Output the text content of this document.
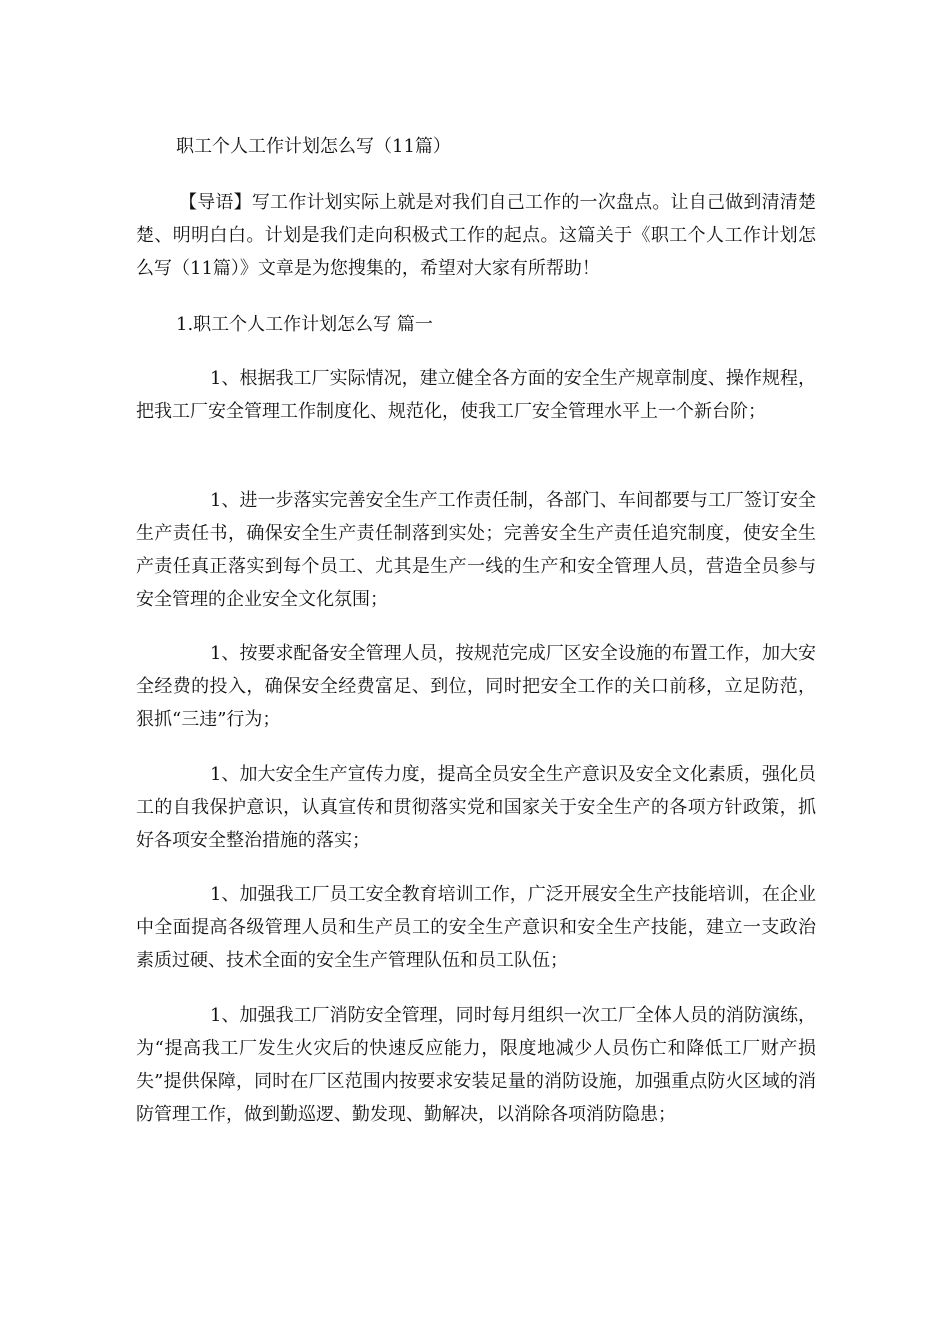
职工个人工作计划怎么写（11篇）
【导语】写工作计划实际上就是对我们自己工作的一次盘点。让自己做到清清楚楚、明明白白。计划是我们走向积极式工作的起点。这篇关于《职工个人工作计划怎么写（11篇）》文章是为您搜集的，希望对大家有所帮助！
1.职工个人工作计划怎么写 篇一
1、根据我工厂实际情况，建立健全各方面的安全生产规章制度、操作规程，把我工厂安全管理工作制度化、规范化，使我工厂安全管理水平上一个新台阶；
1、进一步落实完善安全生产工作责任制，各部门、车间都要与工厂签订安全生产责任书，确保安全生产责任制落到实处；完善安全生产责任追究制度，使安全生产责任真正落实到每个员工、尤其是生产一线的生产和安全管理人员，营造全员参与安全管理的企业安全文化氛围；
1、按要求配备安全管理人员，按规范完成厂区安全设施的布置工作，加大安全经费的投入，确保安全经费富足、到位，同时把安全工作的关口前移，立足防范，狠抓“三违”行为；
1、加大安全生产宣传力度，提高全员安全生产意识及安全文化素质，强化员工的自我保护意识，认真宣传和贯彻落实党和国家关于安全生产的各项方针政策，抓好各项安全整治措施的落实；
1、加强我工厂员工安全教育培训工作，广泛开展安全生产技能培训，在企业中全面提高各级管理人员和生产员工的安全生产意识和安全生产技能，建立一支政治素质过硬、技术全面的安全生产管理队伍和员工队伍；
1、加强我工厂消防安全管理，同时每月组织一次工厂全体人员的消防演练，为“提高我工厂发生火灾后的快速反应能力，限度地减少人员伤亡和降低工厂财产损失”提供保障，同时在厂区范围内按要求安装足量的消防设施，加强重点防火区域的消防管理工作，做到勤巡逻、勤发现、勤解决，以消除各项消防隐患；
